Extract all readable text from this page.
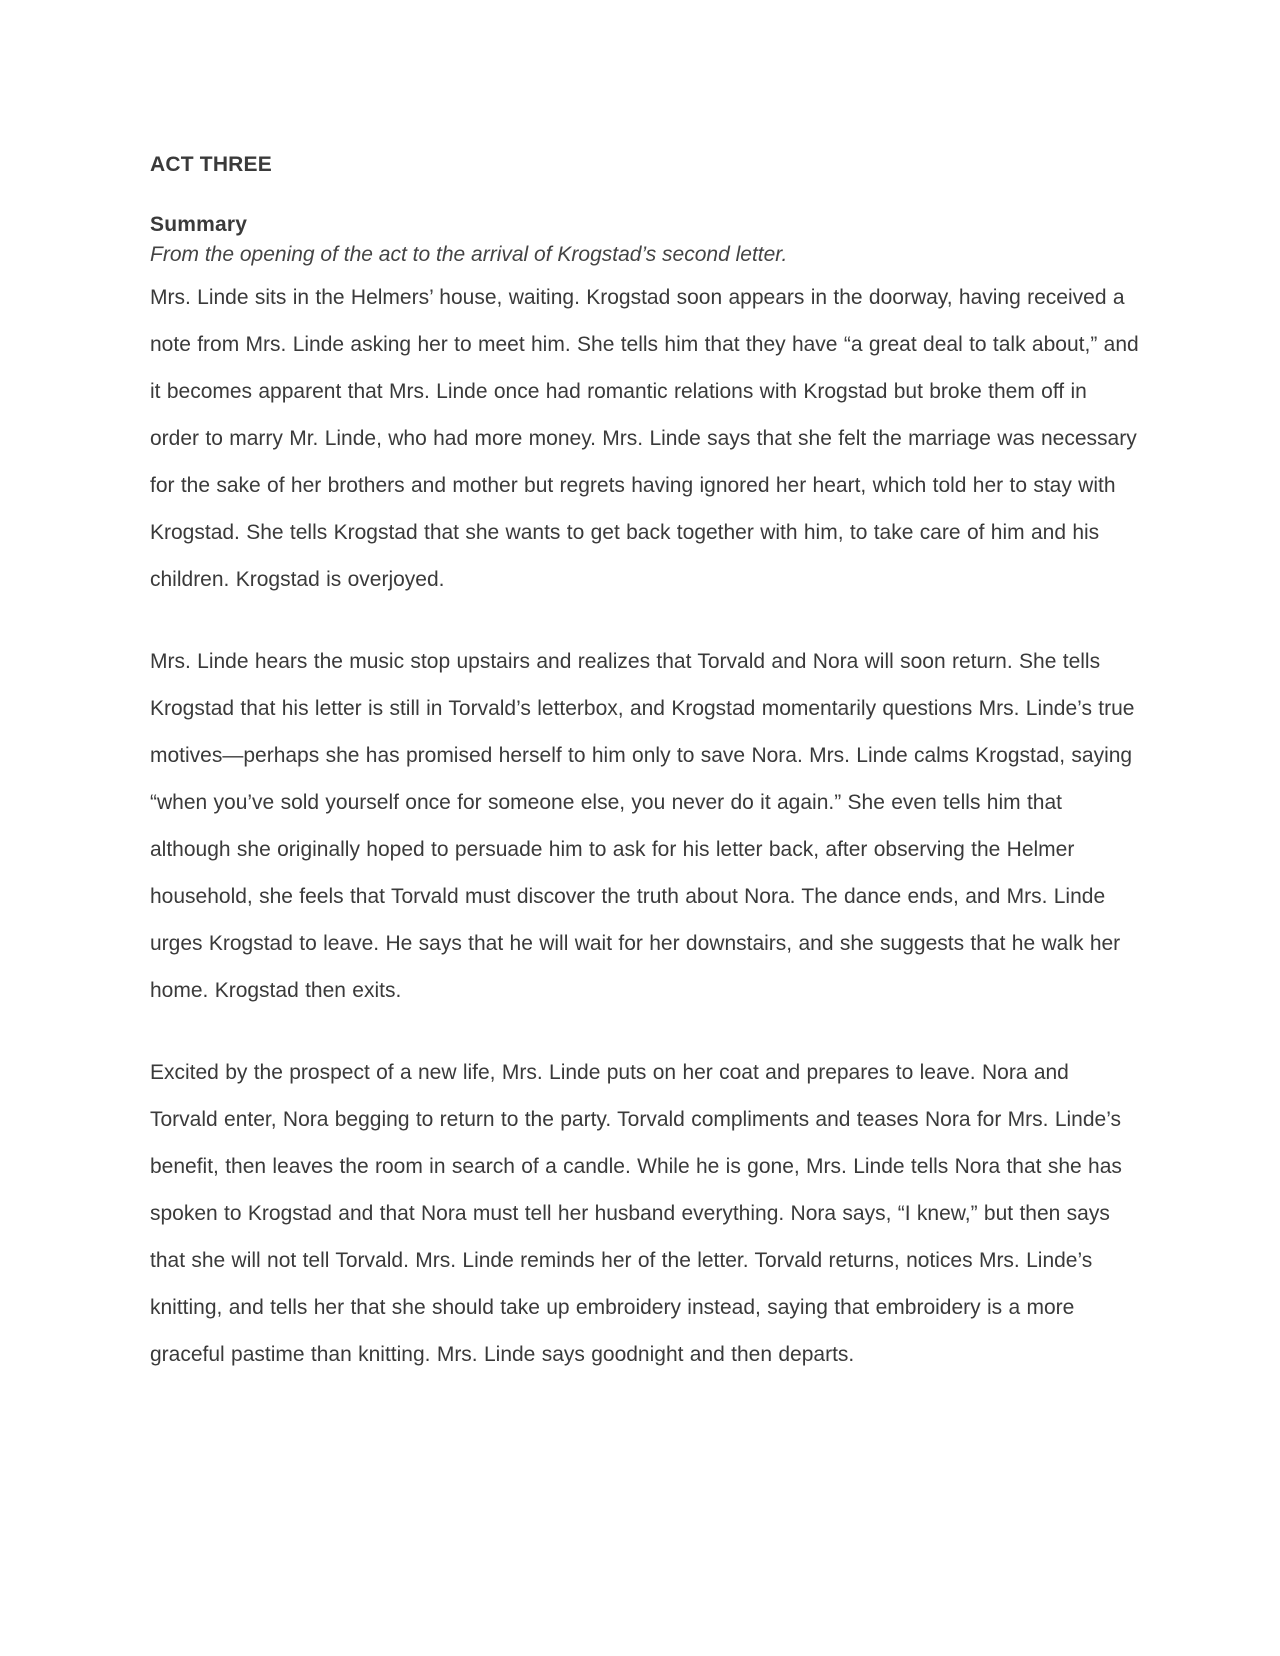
ACT THREE

Summary

From the opening of the act to the arrival of Krogstad’s second letter.

Mrs. Linde sits in the Helmers’ house, waiting. Krogstad soon appears in the doorway, having received a note from Mrs. Linde asking her to meet him. She tells him that they have “a great deal to talk about,” and it becomes apparent that Mrs. Linde once had romantic relations with Krogstad but broke them off in order to marry Mr. Linde, who had more money. Mrs. Linde says that she felt the marriage was necessary for the sake of her brothers and mother but regrets having ignored her heart, which told her to stay with Krogstad. She tells Krogstad that she wants to get back together with him, to take care of him and his children. Krogstad is overjoyed.

Mrs. Linde hears the music stop upstairs and realizes that Torvald and Nora will soon return. She tells Krogstad that his letter is still in Torvald’s letterbox, and Krogstad momentarily questions Mrs. Linde’s true motives—perhaps she has promised herself to him only to save Nora. Mrs. Linde calms Krogstad, saying “when you’ve sold yourself once for someone else, you never do it again.” She even tells him that although she originally hoped to persuade him to ask for his letter back, after observing the Helmer household, she feels that Torvald must discover the truth about Nora. The dance ends, and Mrs. Linde urges Krogstad to leave. He says that he will wait for her downstairs, and she suggests that he walk her home. Krogstad then exits.

Excited by the prospect of a new life, Mrs. Linde puts on her coat and prepares to leave. Nora and Torvald enter, Nora begging to return to the party. Torvald compliments and teases Nora for Mrs. Linde’s benefit, then leaves the room in search of a candle. While he is gone, Mrs. Linde tells Nora that she has spoken to Krogstad and that Nora must tell her husband everything. Nora says, “I knew,” but then says that she will not tell Torvald. Mrs. Linde reminds her of the letter. Torvald returns, notices Mrs. Linde’s knitting, and tells her that she should take up embroidery instead, saying that embroidery is a more graceful pastime than knitting. Mrs. Linde says goodnight and then departs.
